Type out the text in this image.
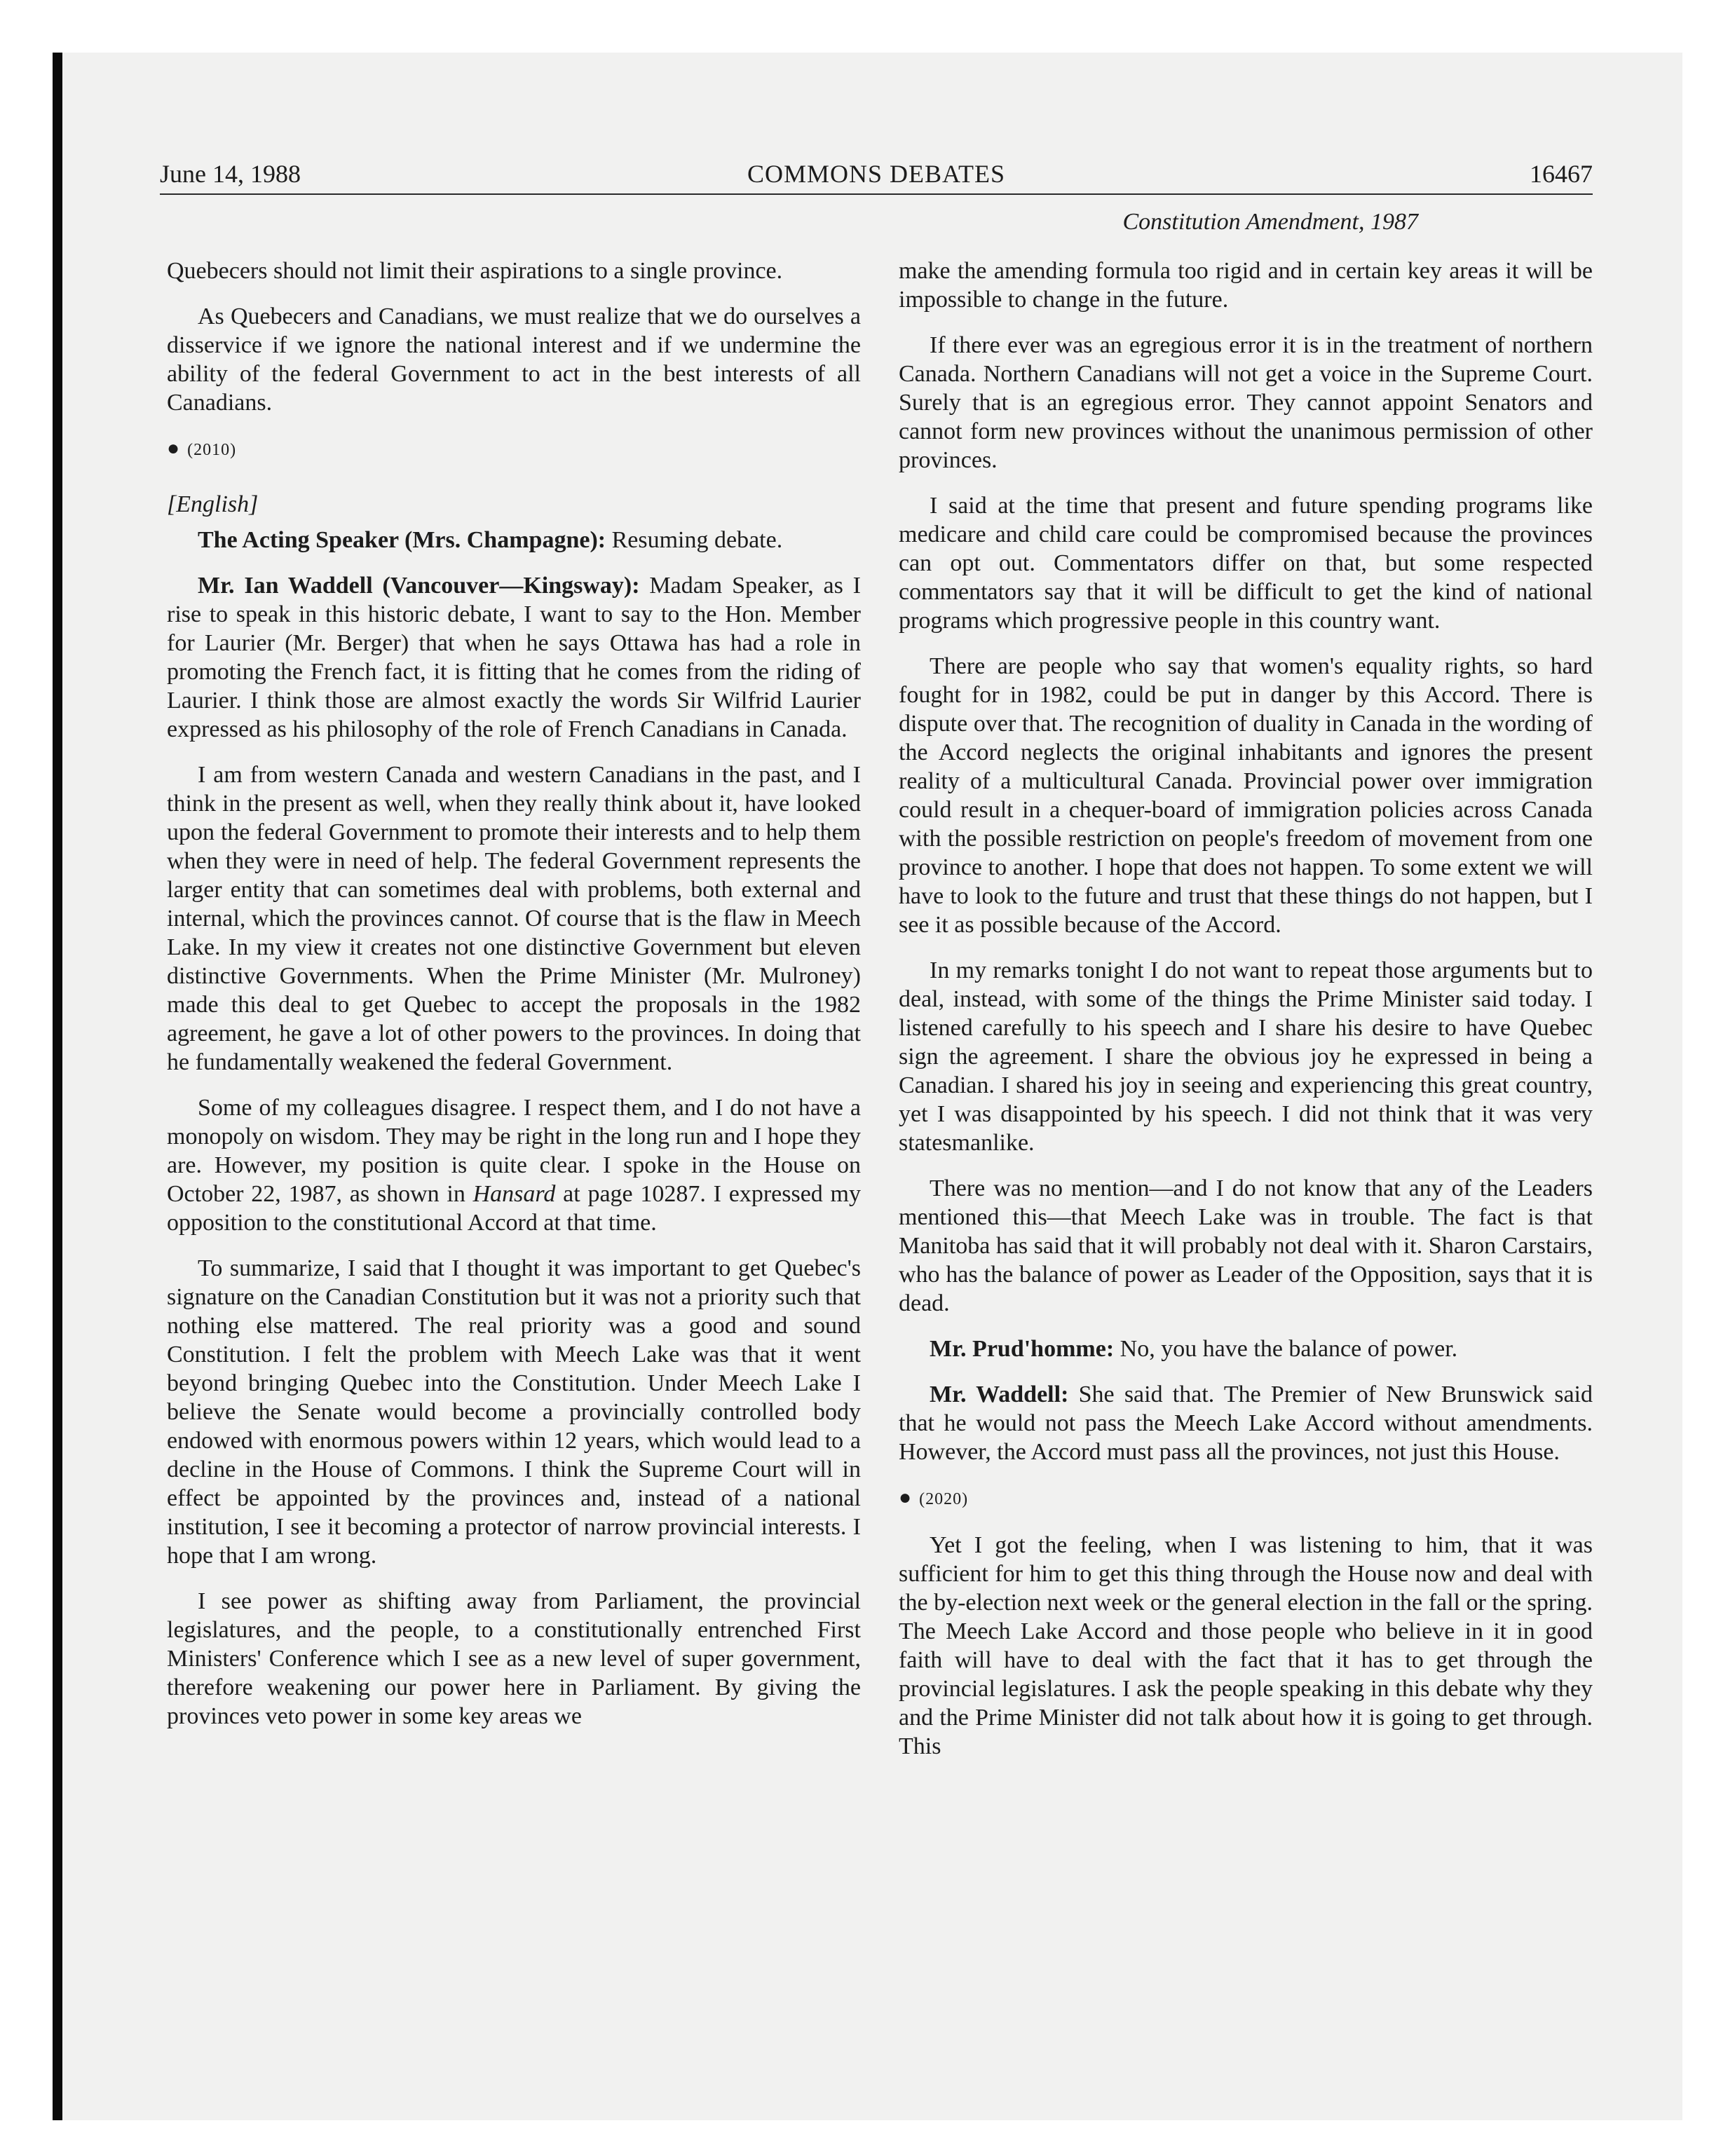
June 14, 1988	COMMONS DEBATES	16467
Constitution Amendment, 1987

Quebecers should not limit their aspirations to a single province.

As Quebecers and Canadians, we must realize that we do ourselves a disservice if we ignore the national interest and if we undermine the ability of the federal Government to act in the best interests of all Canadians.

● (2010)
[English]

The Acting Speaker (Mrs. Champagne): Resuming debate.

Mr. Ian Waddell (Vancouver—Kingsway): Madam Speaker, as I rise to speak in this historic debate, I want to say to the Hon. Member for Laurier (Mr. Berger) that when he says Ottawa has had a role in promoting the French fact, it is fitting that he comes from the riding of Laurier. I think those are almost exactly the words Sir Wilfrid Laurier expressed as his philosophy of the role of French Canadians in Canada.

I am from western Canada and western Canadians in the past, and I think in the present as well, when they really think about it, have looked upon the federal Government to promote their interests and to help them when they were in need of help. The federal Government represents the larger entity that can sometimes deal with problems, both external and internal, which the provinces cannot. Of course that is the flaw in Meech Lake. In my view it creates not one distinctive Government but eleven distinctive Governments. When the Prime Minister (Mr. Mulroney) made this deal to get Quebec to accept the proposals in the 1982 agreement, he gave a lot of other powers to the provinces. In doing that he fundamentally weakened the federal Government.

Some of my colleagues disagree. I respect them, and I do not have a monopoly on wisdom. They may be right in the long run and I hope they are. However, my position is quite clear. I spoke in the House on October 22, 1987, as shown in Hansard at page 10287. I expressed my opposition to the constitutional Accord at that time.

To summarize, I said that I thought it was important to get Quebec's signature on the Canadian Constitution but it was not a priority such that nothing else mattered. The real priority was a good and sound Constitution. I felt the problem with Meech Lake was that it went beyond bringing Quebec into the Constitution. Under Meech Lake I believe the Senate would become a provincially controlled body endowed with enormous powers within 12 years, which would lead to a decline in the House of Commons. I think the Supreme Court will in effect be appointed by the provinces and, instead of a national institution, I see it becoming a protector of narrow provincial interests. I hope that I am wrong.

I see power as shifting away from Parliament, the provincial legislatures, and the people, to a constitutionally entrenched First Ministers' Conference which I see as a new level of super government, therefore weakening our power here in Parliament. By giving the provinces veto power in some key areas we

make the amending formula too rigid and in certain key areas it will be impossible to change in the future.

If there ever was an egregious error it is in the treatment of northern Canada. Northern Canadians will not get a voice in the Supreme Court. Surely that is an egregious error. They cannot appoint Senators and cannot form new provinces without the unanimous permission of other provinces.

I said at the time that present and future spending programs like medicare and child care could be compromised because the provinces can opt out. Commentators differ on that, but some respected commentators say that it will be difficult to get the kind of national programs which progressive people in this country want.

There are people who say that women's equality rights, so hard fought for in 1982, could be put in danger by this Accord. There is dispute over that. The recognition of duality in Canada in the wording of the Accord neglects the original inhabitants and ignores the present reality of a multicultural Canada. Provincial power over immigration could result in a chequer-board of immigration policies across Canada with the possible restriction on people's freedom of movement from one province to another. I hope that does not happen. To some extent we will have to look to the future and trust that these things do not happen, but I see it as possible because of the Accord.

In my remarks tonight I do not want to repeat those arguments but to deal, instead, with some of the things the Prime Minister said today. I listened carefully to his speech and I share his desire to have Quebec sign the agreement. I share the obvious joy he expressed in being a Canadian. I shared his joy in seeing and experiencing this great country, yet I was disappointed by his speech. I did not think that it was very statesmanlike.

There was no mention—and I do not know that any of the Leaders mentioned this—that Meech Lake was in trouble. The fact is that Manitoba has said that it will probably not deal with it. Sharon Carstairs, who has the balance of power as Leader of the Opposition, says that it is dead.

Mr. Prud'homme: No, you have the balance of power.

Mr. Waddell: She said that. The Premier of New Brunswick said that he would not pass the Meech Lake Accord without amendments. However, the Accord must pass all the provinces, not just this House.

● (2020)

Yet I got the feeling, when I was listening to him, that it was sufficient for him to get this thing through the House now and deal with the by-election next week or the general election in the fall or the spring. The Meech Lake Accord and those people who believe in it in good faith will have to deal with the fact that it has to get through the provincial legislatures. I ask the people speaking in this debate why they and the Prime Minister did not talk about how it is going to get through. This
